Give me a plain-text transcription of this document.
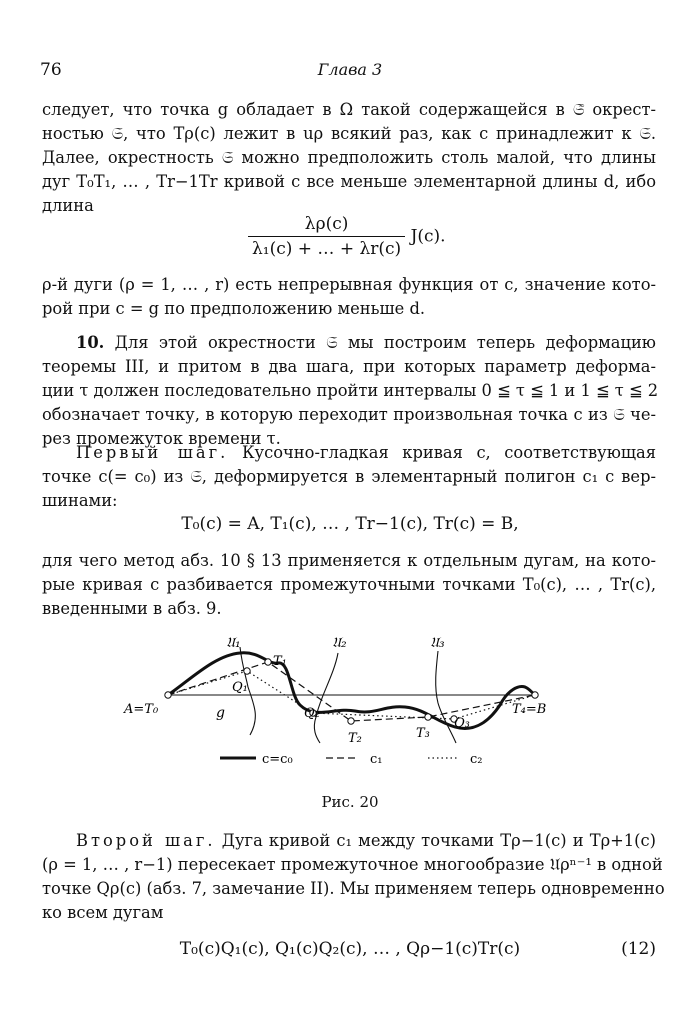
76	Глава 3
следует, что точка g обладает в Ω такой содержащейся в 𝔖̃ окрест-
ностью 𝔖, что Tρ(c) лежит в uρ всякий раз, как c принадлежит к 𝔖.
Далее, окрестность 𝔖 можно предположить столь малой, что длины
дуг T₀T₁, … , Tr−1Tr кривой c все меньше элементарной длины d, ибо
длина
$\frac{\lambda\rho(c)}{\text{λ₁(c) + … + λr(c)}} J(c)$.
ρ-й дуги (ρ = 1, … , r) есть непрерывная функция от c, значение кото-
рой при c = g по предположению меньше d.
10. Для этой окрестности 𝔖 мы построим теперь деформацию
теоремы III, и притом в два шага, при которых параметр деформа-
ции τ должен последовательно пройти интервалы 0 ≦ τ ≦ 1 и 1 ≦ τ ≦ 2
обозначает точку, в которую переходит произвольная точка c из 𝔖 че-
рез промежуток времени τ.
Первый шаг. Кусочно-гладкая кривая c, соответствующая
точке c(= c₀) из 𝔖, деформируется в элементарный полигон c₁ с вер-
шинами:
T₀(c) = A, T₁(c), … , Tr−1(c), Tr(c) = B,
для чего метод абз. 10 § 13 применяется к отдельным дугам, на кото-
рые кривая c разбивается промежуточными точками T₀(c), … , Tr(c),
введенными в абз. 9.
𝔘₁	𝔘₂	𝔘₃
A=T₀	T₄=B
g
T₁
T₂	T₃
Q₁
Q₂
Q₃
c=c₀	c₁	c₂
Рис. 20
Второй шаг. Дуга кривой c₁ между точками Tρ−1(c) и Tρ+1(c)
(ρ = 1, … , r−1) пересекает промежуточное многообразие 𝔘ρⁿ⁻¹ в одной
точке Qρ(c) (абз. 7, замечание II). Мы применяем теперь одновременно
ко всем дугам
T₀(c)Q₁(c), Q₁(c)Q₂(c), … , Qρ−1(c)Tr(c)	(12)
